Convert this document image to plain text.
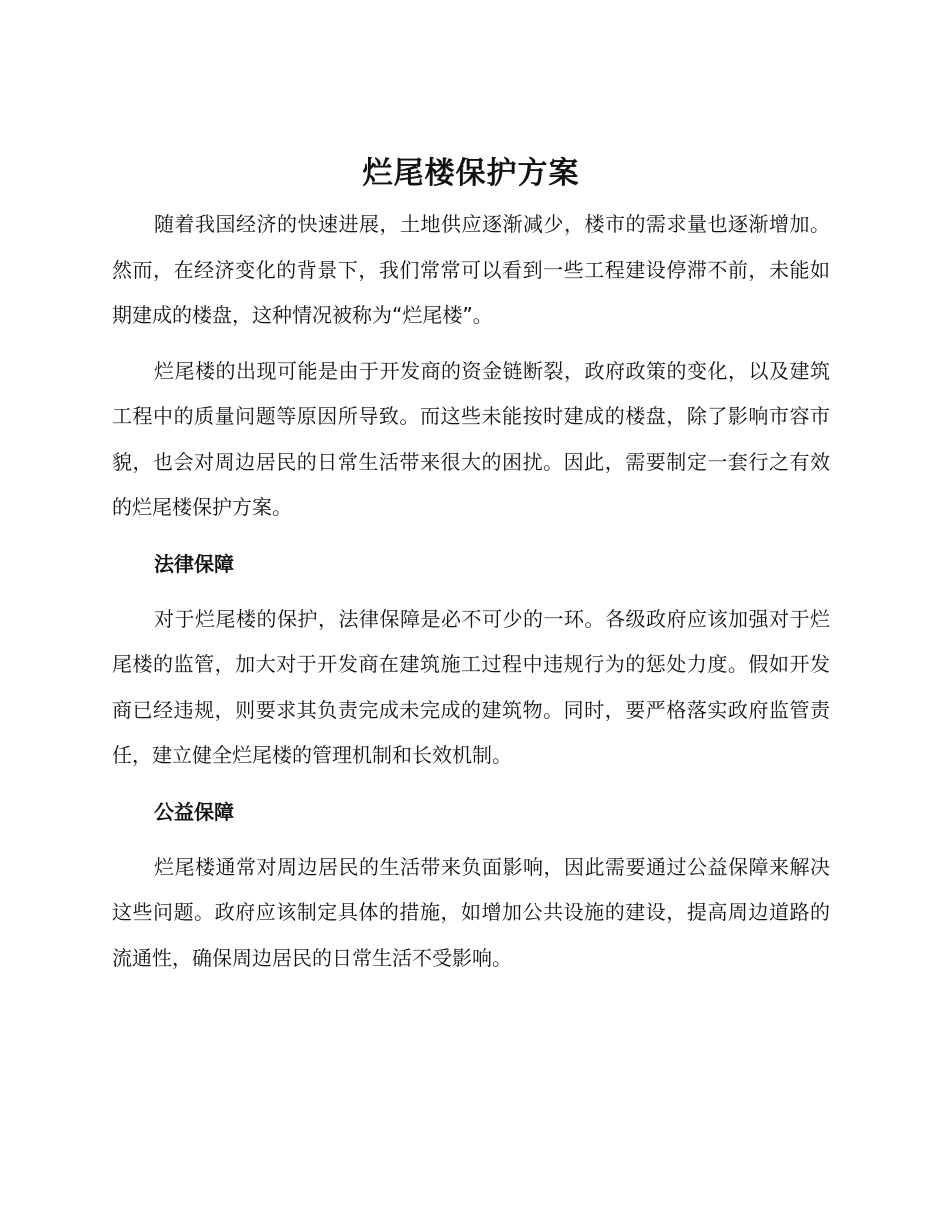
烂尾楼保护方案

随着我国经济的快速进展，土地供应逐渐减少，楼市的需求量也逐渐增加。然而，在经济变化的背景下，我们常常可以看到一些工程建设停滞不前，未能如期建成的楼盘，这种情况被称为“烂尾楼”。

烂尾楼的出现可能是由于开发商的资金链断裂，政府政策的变化，以及建筑工程中的质量问题等原因所导致。而这些未能按时建成的楼盘，除了影响市容市貌，也会对周边居民的日常生活带来很大的困扰。因此，需要制定一套行之有效的烂尾楼保护方案。

法律保障

对于烂尾楼的保护，法律保障是必不可少的一环。各级政府应该加强对于烂尾楼的监管，加大对于开发商在建筑施工过程中违规行为的惩处力度。假如开发商已经违规，则要求其负责完成未完成的建筑物。同时，要严格落实政府监管责任，建立健全烂尾楼的管理机制和长效机制。

公益保障

烂尾楼通常对周边居民的生活带来负面影响，因此需要通过公益保障来解决这些问题。政府应该制定具体的措施，如增加公共设施的建设，提高周边道路的流通性，确保周边居民的日常生活不受影响。
